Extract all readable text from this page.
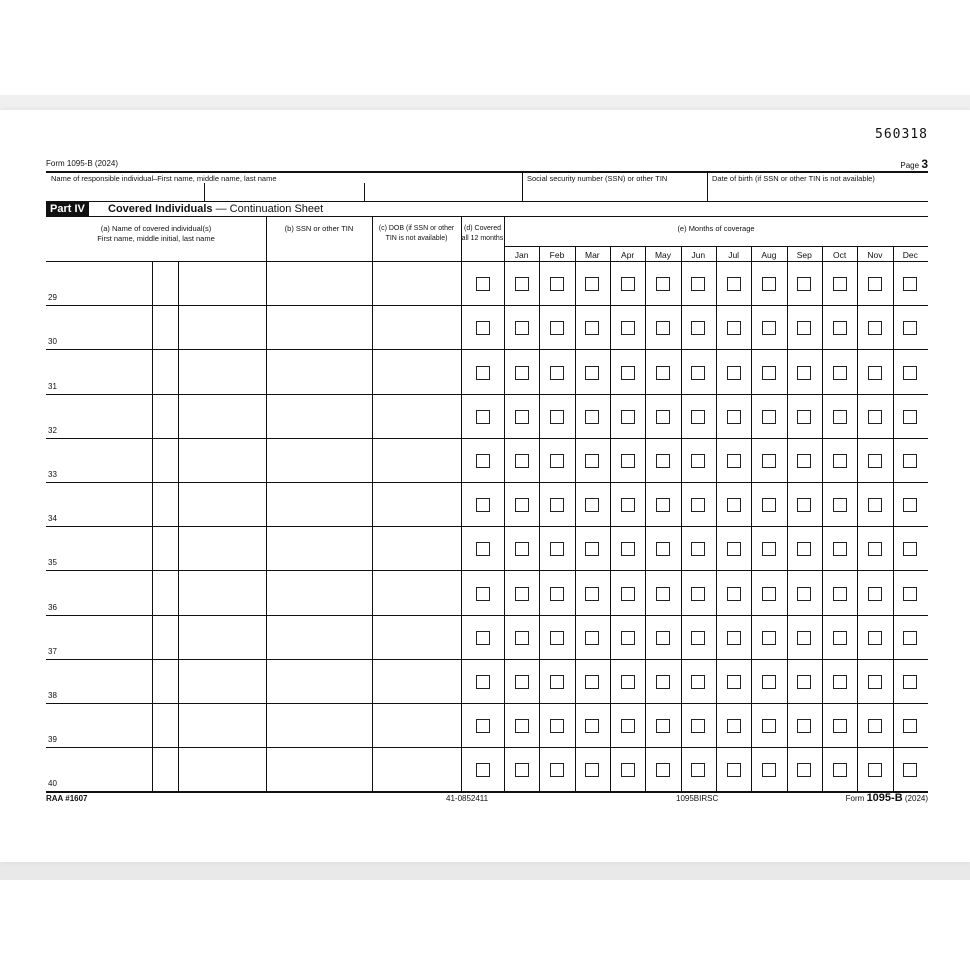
560318
Form 1095-B (2024)	Page 3
Name of responsible individual–First name, middle name, last name	Social security number (SSN) or other TIN	Date of birth (if SSN or other TIN is not available)
Part IV	Covered Individuals — Continuation Sheet
(a) Name of covered individual(s)
First name, middle initial, last name
(b) SSN or other TIN	(c) DOB (if SSN or other
TIN is not available)
(d) Covered
all 12 months
(e) Months of coverage
Jan	Feb	Mar	Apr	May	Jun	Jul	Aug	Sep	Oct	Nov	Dec
29
30
31
32
33
34
35
36
37
38
39
40
RAA #1607	41-0852411	1095BIRSC	Form 1095-B (2024)
